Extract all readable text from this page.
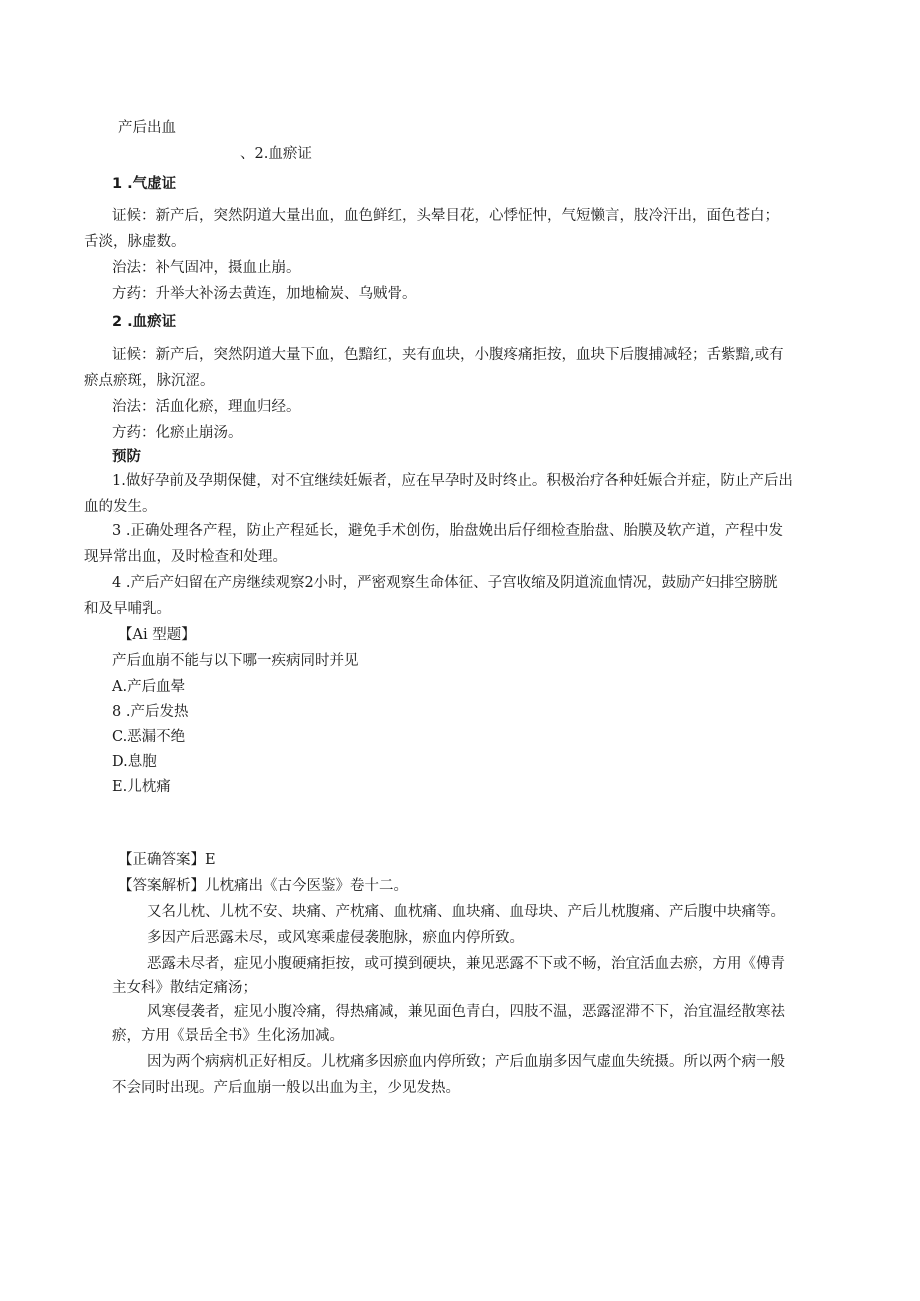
产后出血
、2.血瘀证
1 .气虚证
证候：新产后，突然阴道大量出血，血色鲜红，头晕目花，心悸怔忡，气短懒言，肢冷汗出，面色苍白；
舌淡，脉虚数。
治法：补气固冲，摄血止崩。
方药：升举大补汤去黄连，加地榆炭、乌贼骨。
2 .血瘀证
证候：新产后，突然阴道大量下血，色黯红，夹有血块，小腹疼痛拒按，血块下后腹捕减轻；舌紫黯,或有
瘀点瘀斑，脉沉涩。
治法：活血化瘀，理血归经。
方药：化瘀止崩汤。
预防
1.做好孕前及孕期保健，对不宜继续妊娠者，应在早孕时及时终止。积极治疗各种妊娠合并症，防止产后出
血的发生。
3 .正确处理各产程，防止产程延长，避免手术创伤，胎盘娩出后仔细检查胎盘、胎膜及软产道，产程中发
现异常出血，及时检查和处理。
4 .产后产妇留在产房继续观察2小时，严密观察生命体征、子宫收缩及阴道流血情况，鼓励产妇排空膀胱
和及早哺乳。
【Ai 型题】
产后血崩不能与以下哪一疾病同时并见
A.产后血晕
8 .产后发热
C.恶漏不绝
D.息胞
E.儿枕痛
【正确答案】E
【答案解析】儿枕痛出《古今医鉴》卷十二。
又名儿枕、儿枕不安、块痛、产枕痛、血枕痛、血块痛、血母块、产后儿枕腹痛、产后腹中块痛等。
多因产后恶露未尽，或风寒乘虚侵袭胞脉，瘀血内停所致。
恶露未尽者，症见小腹硬痛拒按，或可摸到硬块，兼见恶露不下或不畅，治宜活血去瘀，方用《傅青
主女科》散结定痛汤；
风寒侵袭者，症见小腹冷痛，得热痛减，兼见面色青白，四肢不温，恶露涩滞不下，治宜温经散寒祛
瘀，方用《景岳全书》生化汤加减。
因为两个病病机正好相反。儿枕痛多因瘀血内停所致；产后血崩多因气虚血失统摄。所以两个病一般
不会同时出现。产后血崩一般以出血为主，少见发热。
